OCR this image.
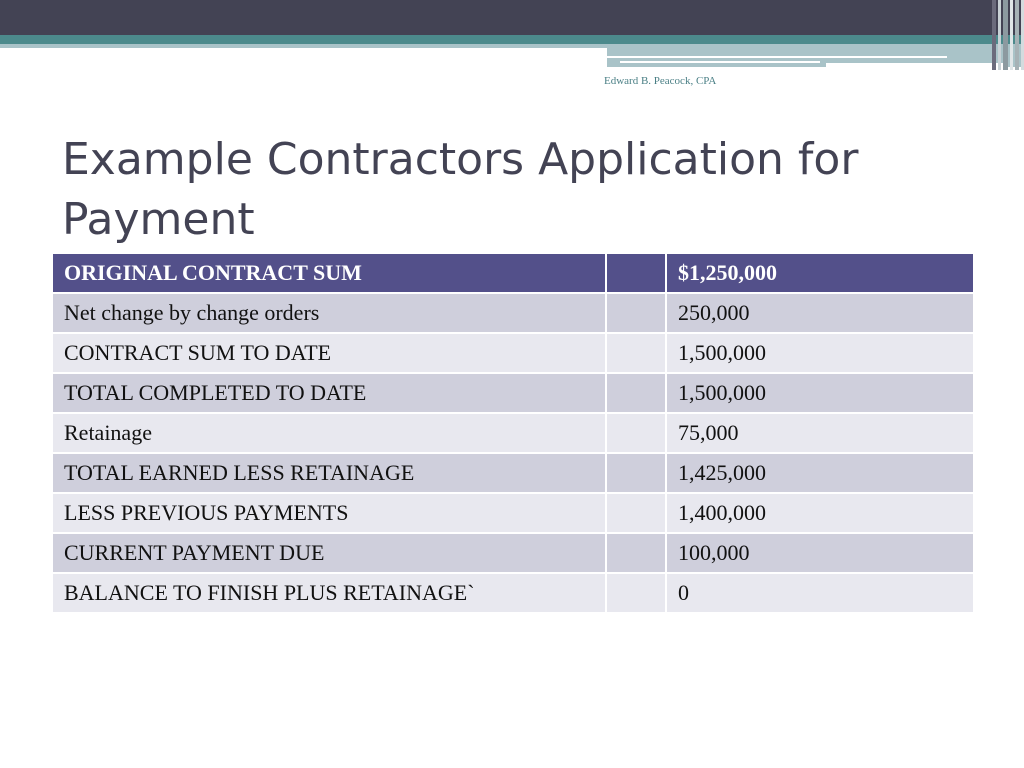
Edward B. Peacock, CPA
Example Contractors Application for Payment
ORIGINAL CONTRACT SUM		$1,250,000
Net change by change orders		250,000
CONTRACT SUM TO DATE		1,500,000
TOTAL COMPLETED TO DATE		1,500,000
Retainage		75,000
TOTAL EARNED LESS RETAINAGE		1,425,000
LESS PREVIOUS PAYMENTS		1,400,000
CURRENT PAYMENT DUE		100,000
BALANCE TO FINISH PLUS RETAINAGE`		0
